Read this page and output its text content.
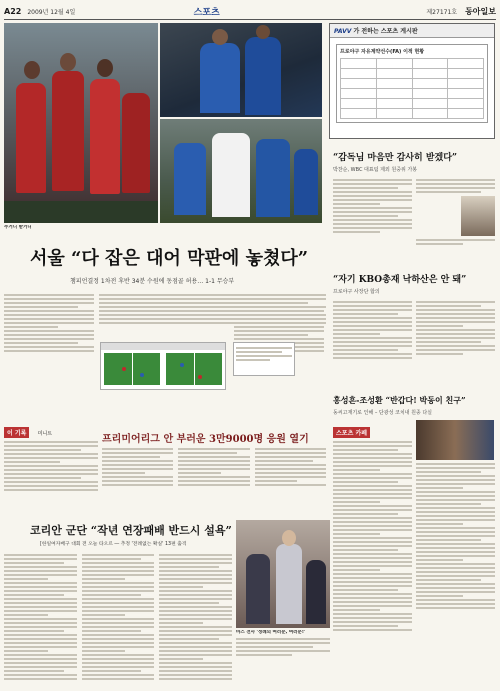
A22 2009년 12월 4일	스포츠	제27171호 동아일보
주거니 받거니
PAVV 가 전하는 스포츠 게시판
프로야구 자유계약선수(FA) 이적 현황

“감독님 마음만 감사히 받겠다”
박찬순, WBC 대표팀 제외 원중위 가봉
“자기 KBO총재 낙하산은 안 돼”
프로야구 사장단 합의
홍성흔-조성환 “반갑다! 박동이 친구”
동씨고재기로 인해 – 단광성 코치내 원종 다실
스포츠 카페
서울 “다 잡은 대어 막판에 놓쳤다”
챔피언결정 1차전 후반 34분 수원에 동점골 허용… 1-1 무승부

이 기록 미니트	프리미어리그 안 부러운 3만9000명 응원 열기
코리안 군단 “작년 연장패배 반드시 설욕”
[한일여자배구 대회 전 오늘 타오르 ― 추정 '전례없는 확실' 13편 출격
마스 전사 '정례의 여러분, 여러분!'
